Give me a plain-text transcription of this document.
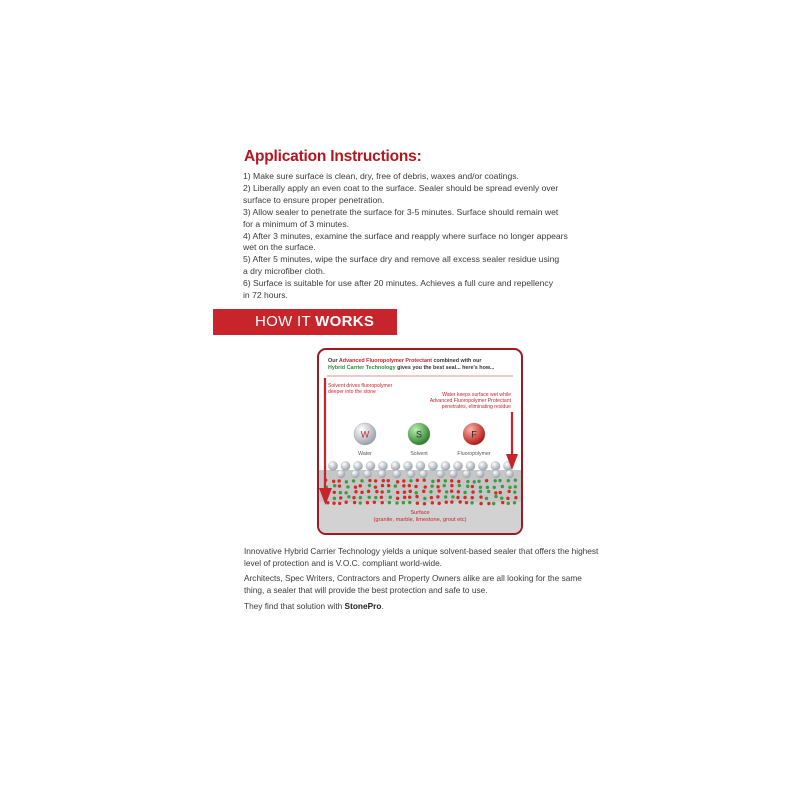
Application Instructions:
1) Make sure surface is clean, dry, free of debris, waxes and/or coatings.
2) Liberally apply an even coat to the surface. Sealer should be spread evenly over
surface to ensure proper penetration.
3) Allow sealer to penetrate the surface for 3-5 minutes. Surface should remain wet
for a minimum of 3 minutes.
4) After 3 minutes, examine the surface and reapply where surface no longer appears
wet on the surface.
5) After 5 minutes, wipe the surface dry and remove all excess sealer residue using
a dry microfiber cloth.
6) Surface is suitable for use after 20 minutes. Achieves a full cure and repellency
in 72 hours.
HOW IT WORKS
W	S	F
Our Advanced Fluoropolymer Protectant combined with our
Hybrid Carrier Technology gives you the best seal... here's how...
Solvent drives fluoropolymer deeper into the stone	Water keeps surface wet while Advanced Fluoropolymer Protectant penetrates, eliminating residue
Water	Solvent	Fluoropolymer
Surface
(granite, marble, limestone, grout etc)
Innovative Hybrid Carrier Technology yields a unique solvent-based sealer that offers the highest level of protection and is V.O.C. compliant world-wide.
Architects, Spec Writers, Contractors and Property Owners alike are all looking for the same thing, a sealer that will provide the best protection and safe to use.
They find that solution with StonePro.
